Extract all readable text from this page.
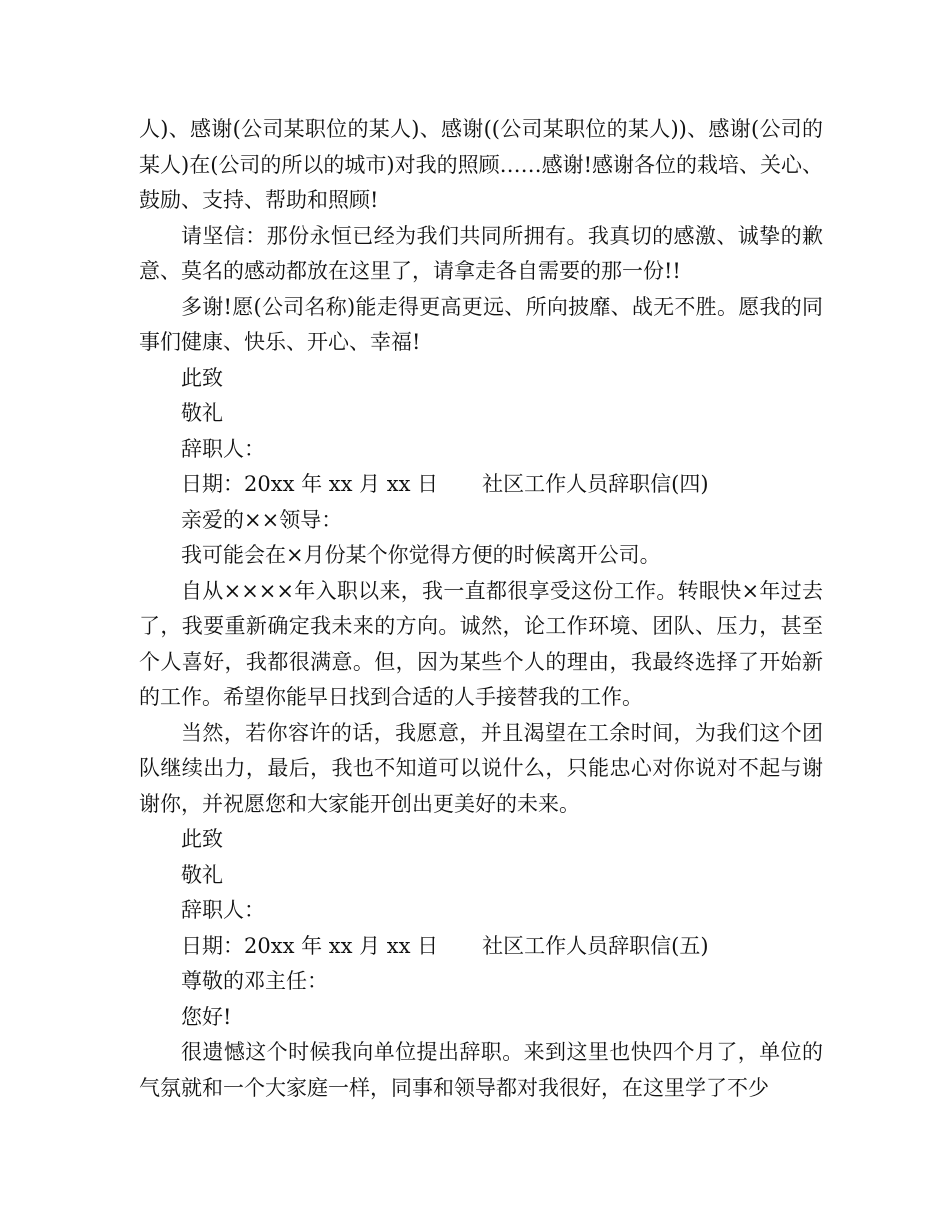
人)、感谢(公司某职位的某人)、感谢((公司某职位的某人))、感谢(公司的某人)在(公司的所以的城市)对我的照顾……感谢!感谢各位的栽培、关心、鼓励、支持、帮助和照顾!

请坚信：那份永恒已经为我们共同所拥有。我真切的感激、诚挚的歉意、莫名的感动都放在这里了，请拿走各自需要的那一份!!

多谢!愿(公司名称)能走得更高更远、所向披靡、战无不胜。愿我的同事们健康、快乐、开心、幸福!

此致

敬礼

辞职人：

日期：20xx 年 xx 月 xx 日 社区工作人员辞职信(四)

亲爱的××领导：

我可能会在×月份某个你觉得方便的时候离开公司。

自从××××年入职以来，我一直都很享受这份工作。转眼快×年过去了，我要重新确定我未来的方向。诚然，论工作环境、团队、压力，甚至个人喜好，我都很满意。但，因为某些个人的理由，我最终选择了开始新的工作。希望你能早日找到合适的人手接替我的工作。

当然，若你容许的话，我愿意，并且渴望在工余时间，为我们这个团队继续出力，最后，我也不知道可以说什么，只能忠心对你说对不起与谢谢你，并祝愿您和大家能开创出更美好的未来。

此致

敬礼

辞职人：

日期：20xx 年 xx 月 xx 日 社区工作人员辞职信(五)

尊敬的邓主任：

您好!

很遗憾这个时候我向单位提出辞职。来到这里也快四个月了，单位的气氛就和一个大家庭一样，同事和领导都对我很好，在这里学了不少
